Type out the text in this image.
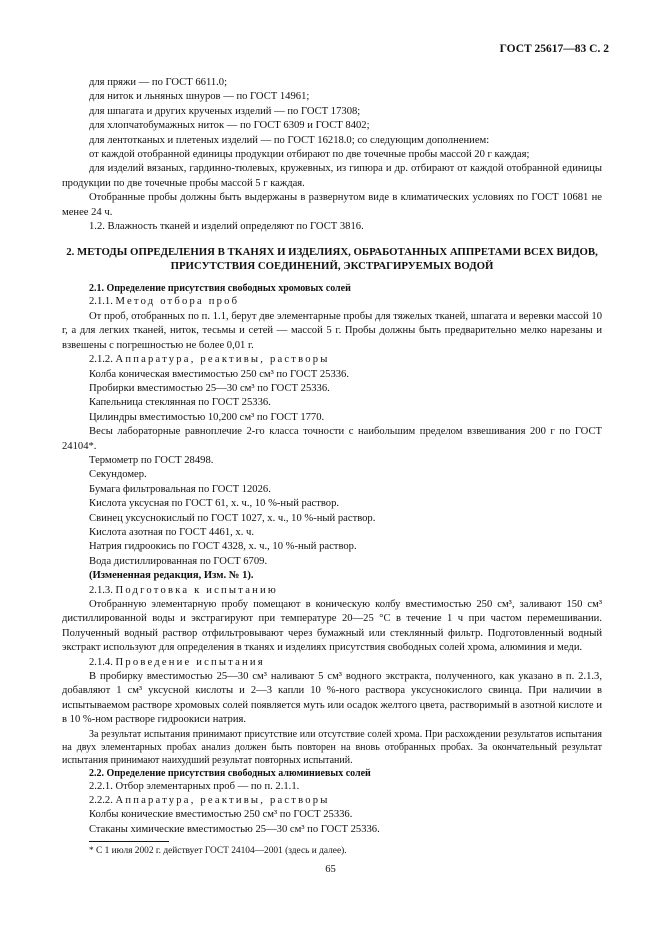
ГОСТ 25617—83 С. 2

для пряжи — по ГОСТ 6611.0;

для ниток и льняных шнуров — по ГОСТ 14961;

для шпагата и других крученых изделий — по ГОСТ 17308;

для хлопчатобумажных ниток — по ГОСТ 6309 и ГОСТ 8402;

для лентотканых и плетеных изделий — по ГОСТ 16218.0; со следующим дополнением:

от каждой отобранной единицы продукции отбирают по две точечные пробы массой 20 г каждая;

для изделий вязаных, гардинно-тюлевых, кружевных, из гипюра и др. отбирают от каждой отобранной единицы продукции по две точечные пробы массой 5 г каждая.

Отобранные пробы должны быть выдержаны в развернутом виде в климатических условиях по ГОСТ 10681 не менее 24 ч.

1.2. Влажность тканей и изделий определяют по ГОСТ 3816.

2. МЕТОДЫ ОПРЕДЕЛЕНИЯ В ТКАНЯХ И ИЗДЕЛИЯХ, ОБРАБОТАННЫХ АППРЕТАМИ ВСЕХ ВИДОВ, ПРИСУТСТВИЯ СОЕДИНЕНИЙ, ЭКСТРАГИРУЕМЫХ ВОДОЙ

2.1. Определение присутствия свободных хромовых солей

2.1.1. Метод отбора проб

От проб, отобранных по п. 1.1, берут две элементарные пробы для тяжелых тканей, шпагата и веревки массой 10 г, а для легких тканей, ниток, тесьмы и сетей — массой 5 г. Пробы должны быть предварительно мелко нарезаны и взвешены с погрешностью не более 0,01 г.

2.1.2. Аппаратура, реактивы, растворы

Колба коническая вместимостью 250 см³ по ГОСТ 25336.

Пробирки вместимостью 25—30 см³ по ГОСТ 25336.

Капельница стеклянная по ГОСТ 25336.

Цилиндры вместимостью 10,200 см³ по ГОСТ 1770.

Весы лабораторные равноплечие 2-го класса точности с наибольшим пределом взвешивания 200 г по ГОСТ 24104*.

Термометр по ГОСТ 28498.

Секундомер.

Бумага фильтровальная по ГОСТ 12026.

Кислота уксусная по ГОСТ 61, х. ч., 10 %-ный раствор.

Свинец уксуснокислый по ГОСТ 1027, х. ч., 10 %-ный раствор.

Кислота азотная по ГОСТ 4461, х. ч.

Натрия гидроокись по ГОСТ 4328, х. ч., 10 %-ный раствор.

Вода дистиллированная по ГОСТ 6709.

(Измененная редакция, Изм. № 1).

2.1.3. Подготовка к испытанию

Отобранную элементарную пробу помещают в коническую колбу вместимостью 250 см³, заливают 150 см³ дистиллированной воды и экстрагируют при температуре 20—25 °С в течение 1 ч при частом перемешивании. Полученный водный раствор отфильтровывают через бумажный или стеклянный фильтр. Подготовленный водный экстракт используют для определения в тканях и изделиях присутствия свободных солей хрома, алюминия и меди.

2.1.4. Проведение испытания

В пробирку вместимостью 25—30 см³ наливают 5 см³ водного экстракта, полученного, как указано в п. 2.1.3, добавляют 1 см³ уксусной кислоты и 2—3 капли 10 %-ного раствора уксуснокислого свинца. При наличии в испытываемом растворе хромовых солей появляется муть или осадок желтого цвета, растворимый в азотной кислоте и в 10 %-ном растворе гидроокиси натрия.

За результат испытания принимают присутствие или отсутствие солей хрома. При расхождении результатов испытания на двух элементарных пробах анализ должен быть повторен на вновь отобранных пробах. За окончательный результат испытания принимают наихудший результат повторных испытаний.

2.2. Определение присутствия свободных алюминиевых солей

2.2.1. Отбор элементарных проб — по п. 2.1.1.

2.2.2. Аппаратура, реактивы, растворы

Колбы конические вместимостью 250 см³ по ГОСТ 25336.

Стаканы химические вместимостью 25—30 см³ по ГОСТ 25336.

* С 1 июля 2002 г. действует ГОСТ 24104—2001 (здесь и далее).

65
